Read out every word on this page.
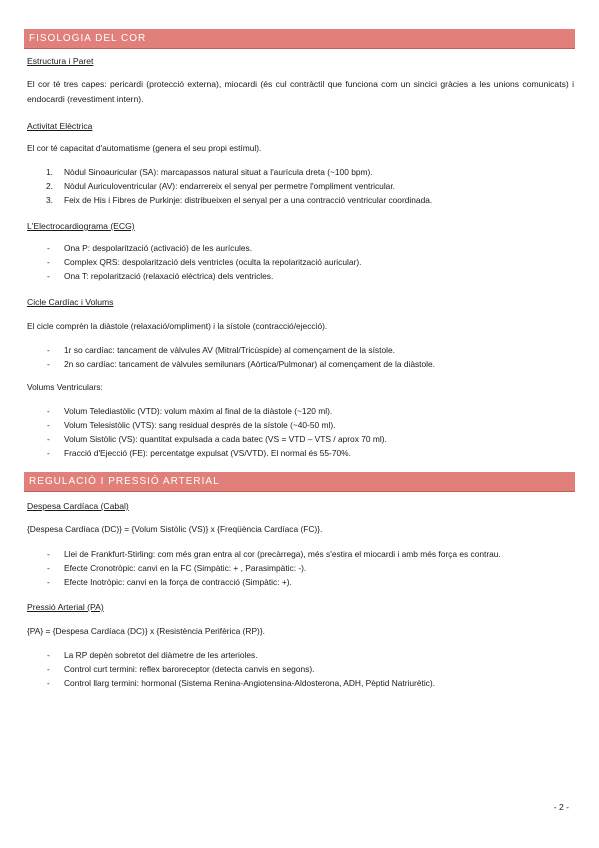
FISOLOGIA DEL COR
Estructura i Paret
El cor té tres capes: pericardi (protecció externa), miocardi (és cul contràctil que funciona com un sincici gràcies a les unions comunicats) i endocardi (revestiment intern).
Activitat Elèctrica
El cor té capacitat d'automatisme (genera el seu propi estímul).
1. Nòdul Sinoauricular (SA): marcapassos natural situat a l'aurícula dreta (~100 bpm).
2. Nòdul Auriculoventricular (AV): endarrereix el senyal per permetre l'ompliment ventricular.
3. Feix de His i Fibres de Purkinje: distribueixen el senyal per a una contracció ventricular coordinada.
L'Electrocardiograma (ECG)
- Ona P: despolarització (activació) de les aurícules.
- Complex QRS: despolarització dels ventricles (oculta la repolarització auricular).
- Ona T: repolarització (relaxació elèctrica) dels ventricles.
Cicle Cardíac i Volums
El cicle comprèn la diàstole (relaxació/ompliment) i la sístole (contracció/ejecció).
- 1r so cardíac: tancament de vàlvules AV (Mitral/Tricúspide) al començament de la sístole.
- 2n so cardíac: tancament de vàlvules semilunars (Aòrtica/Pulmonar) al començament de la diàstole.
Volums Ventriculars:
- Volum Telediastòlic (VTD): volum màxim al final de la diàstole (~120 ml).
- Volum Telesistòlic (VTS): sang residual després de la sístole (~40-50 ml).
- Volum Sistòlic (VS): quantitat expulsada a cada batec (VS = VTD – VTS / aprox 70 ml).
- Fracció d'Ejecció (FE): percentatge expulsat (VS/VTD). El normal és 55-70%.
REGULACIÓ I PRESSIÓ ARTERIAL
Despesa Cardíaca (Cabal)
{Despesa Cardíaca (DC)} = {Volum Sistòlic (VS)} x {Freqüència Cardíaca (FC)}.
- Llei de Frankfurt-Stirling: com més gran entra al cor (precàrrega), més s'estira el miocardi i amb més força es contrau.
- Efecte Cronotròpic: canvi en la FC (Simpàtic: + , Parasimpàtic: -).
- Efecte Inotròpic: canvi en la força de contracció (Simpàtic: +).
Pressió Arterial (PA)
{PA} = {Despesa Cardíaca (DC)} x {Resistència Perifèrica (RP)}.
- La RP depèn sobretot del diàmetre de les arterioles.
- Control curt termini: reflex baroreceptor (detecta canvis en segons).
- Control llarg termini: hormonal (Sistema Renina-Angiotensina-Aldosterona, ADH, Pèptid Natriurètic).
- 2 -
